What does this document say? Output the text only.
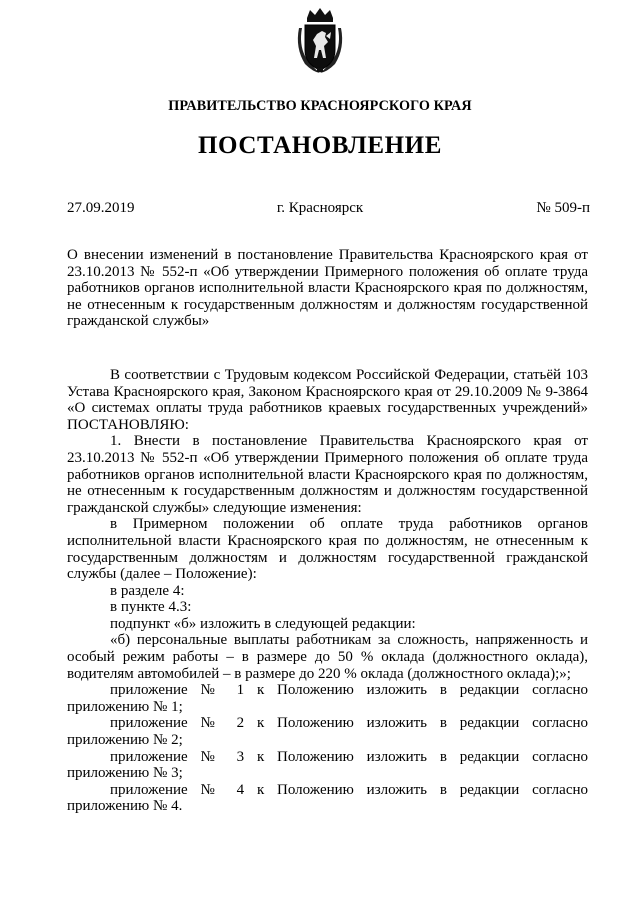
ПРАВИТЕЛЬСТВО КРАСНОЯРСКОГО КРАЯ
ПОСТАНОВЛЕНИЕ
27.09.2019	г. Красноярск	№ 509-п

О внесении изменений в постановление Правительства Красноярского края от 23.10.2013 № 552-п «Об утверждении Примерного положения об оплате труда работников органов исполнительной власти Красноярского края по должностям, не отнесенным к государственным должностям и должностям государственной гражданской службы»

В соответствии с Трудовым кодексом Российской Федерации, статьёй 103 Устава Красноярского края, Законом Красноярского края от 29.10.2009 № 9-3864 «О системах оплаты труда работников краевых государственных учреждений» ПОСТАНОВЛЯЮ:

1. Внести в постановление Правительства Красноярского края от 23.10.2013 № 552-п «Об утверждении Примерного положения об оплате труда работников органов исполнительной власти Красноярского края по должностям, не отнесенным к государственным должностям и должностям государственной гражданской службы» следующие изменения:

в Примерном положении об оплате труда работников органов исполнительной власти Красноярского края по должностям, не отнесенным к государственным должностям и должностям государственной гражданской службы (далее – Положение):

в разделе 4:

в пункте 4.3:

подпункт «б» изложить в следующей редакции:

«б) персональные выплаты работникам за сложность, напряженность и особый режим работы – в размере до 50 % оклада (должностного оклада), водителям автомобилей – в размере до 220 % оклада (должностного оклада);»;

приложение № 1 к Положению изложить в редакции согласно приложению № 1;

приложение № 2 к Положению изложить в редакции согласно приложению № 2;

приложение № 3 к Положению изложить в редакции согласно приложению № 3;

приложение № 4 к Положению изложить в редакции согласно приложению № 4.
